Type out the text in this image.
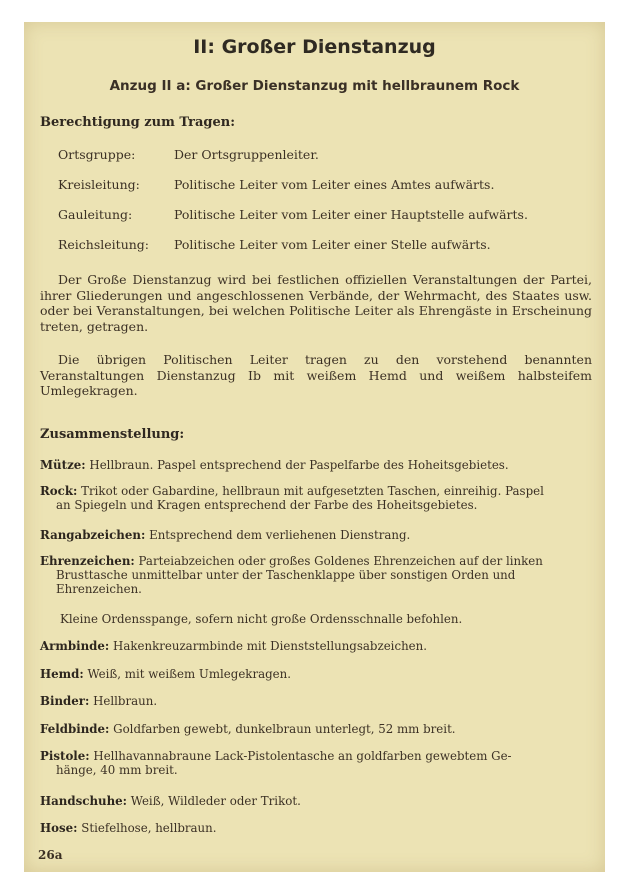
II: Großer Dienstanzug
Anzug II a: Großer Dienstanzug mit hellbraunem Rock
Berechtigung zum Tragen:
Ortsgruppe:	Der Ortsgruppenleiter.
Kreisleitung:	Politische Leiter vom Leiter eines Amtes aufwärts.
Gauleitung:	Politische Leiter vom Leiter einer Hauptstelle aufwärts.
Reichsleitung: Politische Leiter vom Leiter einer Stelle aufwärts.
Der Große Dienstanzug wird bei festlichen offiziellen Veranstaltungen der Partei, ihrer Gliederungen und angeschlossenen Verbände, der Wehrmacht, des Staates usw. oder bei Veranstaltungen, bei welchen Politische Leiter als Ehrengäste in Erscheinung treten, getragen.
Die übrigen Politischen Leiter tragen zu den vorstehend benannten Veranstaltungen Dienstanzug Ib mit weißem Hemd und weißem halbsteifem Umlegekragen.
Zusammenstellung:
Mütze: Hellbraun. Paspel entsprechend der Paspelfarbe des Hoheitsgebietes.
Rock: Trikot oder Gabardine, hellbraun mit aufgesetzten Taschen, einreihig. Paspel
an Spiegeln und Kragen entsprechend der Farbe des Hoheitsgebietes.
Rangabzeichen: Entsprechend dem verliehenen Dienstrang.
Ehrenzeichen: Parteiabzeichen oder großes Goldenes Ehrenzeichen auf der linken
Brusttasche unmittelbar unter der Taschenklappe über sonstigen Orden und Ehrenzeichen.
Kleine Ordensspange, sofern nicht große Ordensschnalle befohlen.
Armbinde: Hakenkreuzarmbinde mit Dienststellungsabzeichen.
Hemd: Weiß, mit weißem Umlegekragen.
Binder: Hellbraun.
Feldbinde: Goldfarben gewebt, dunkelbraun unterlegt, 52 mm breit.
Pistole: Hellhavannabraune Lack-Pistolentasche an goldfarben gewebtem Ge-
hänge, 40 mm breit.
Handschuhe: Weiß, Wildleder oder Trikot.
Hose: Stiefelhose, hellbraun.
26a
